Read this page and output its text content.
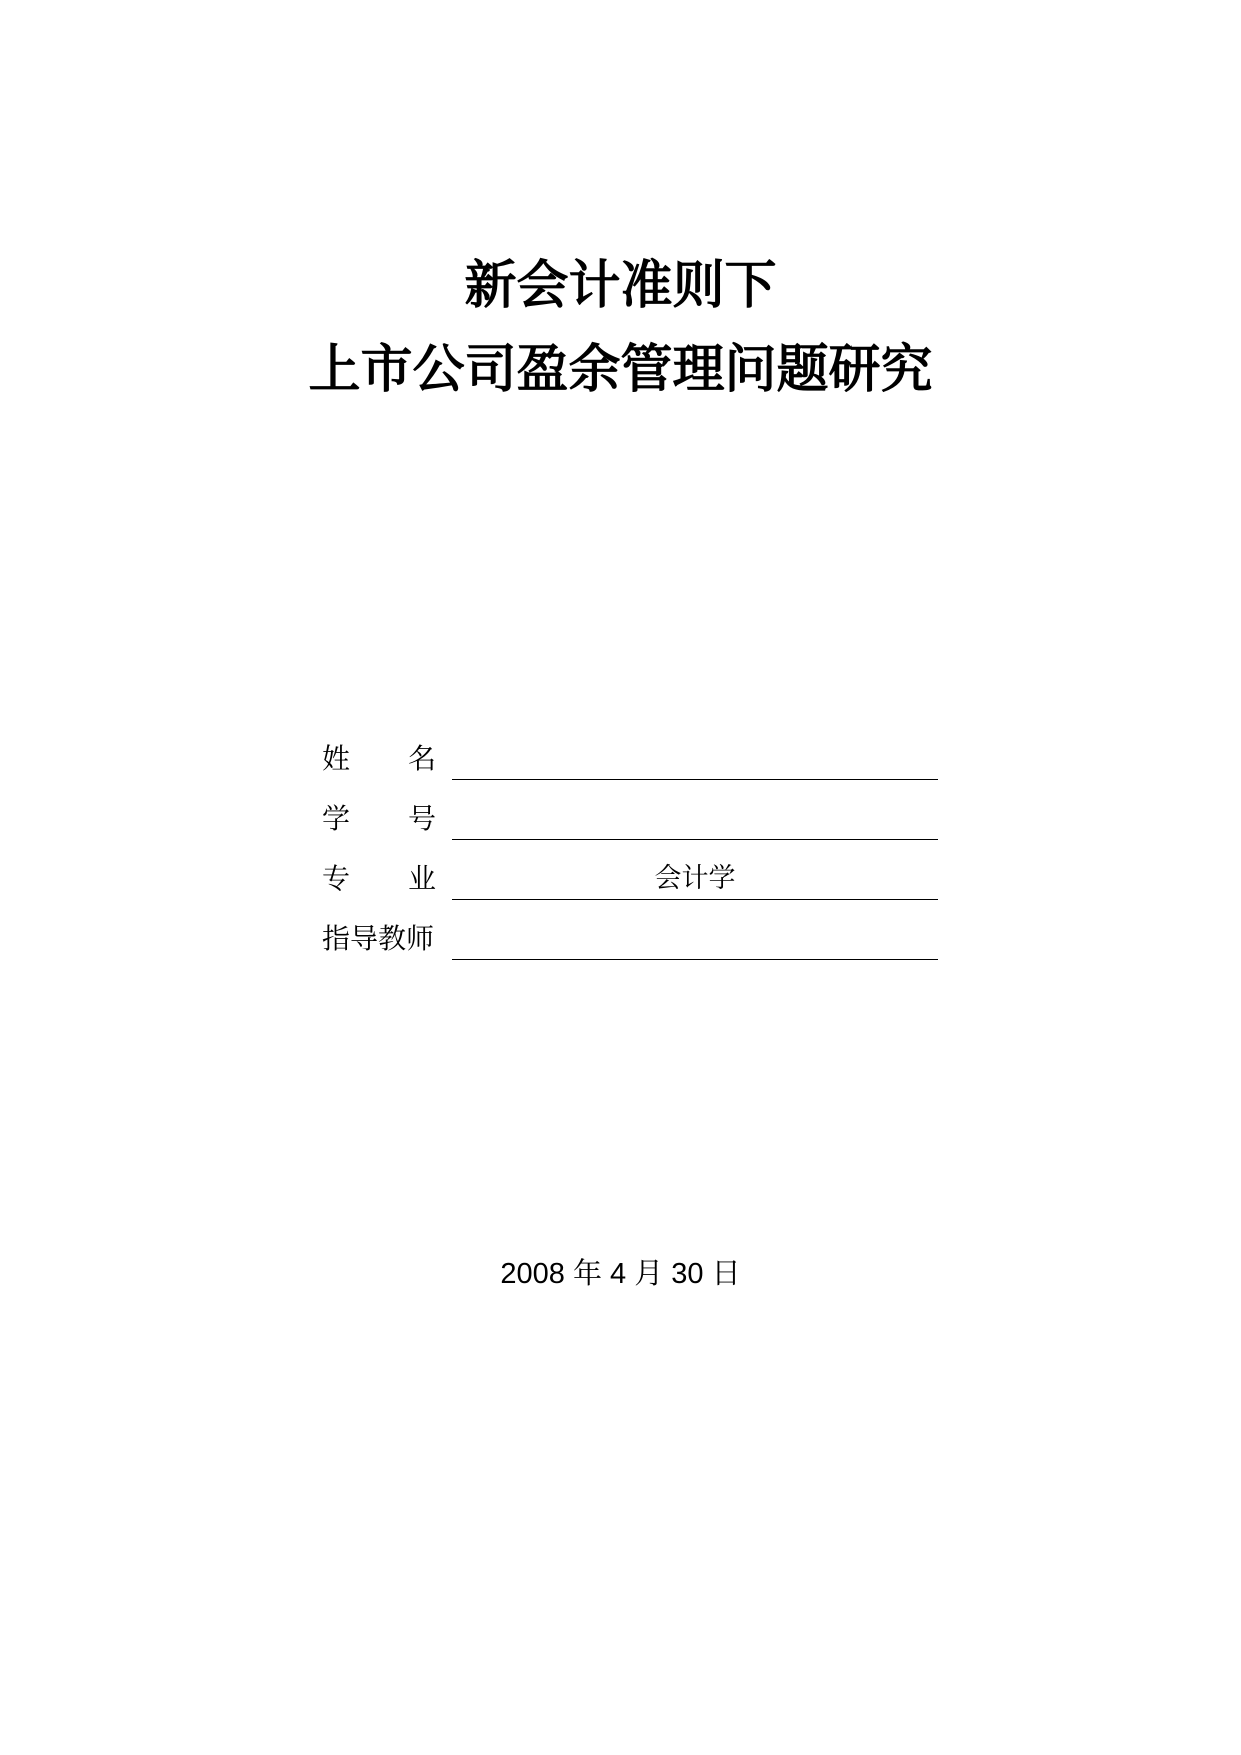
新会计准则下
上市公司盈余管理问题研究
姓 名
学 号
专 业	会计学
指导教师
2008 年 4 月 30 日
